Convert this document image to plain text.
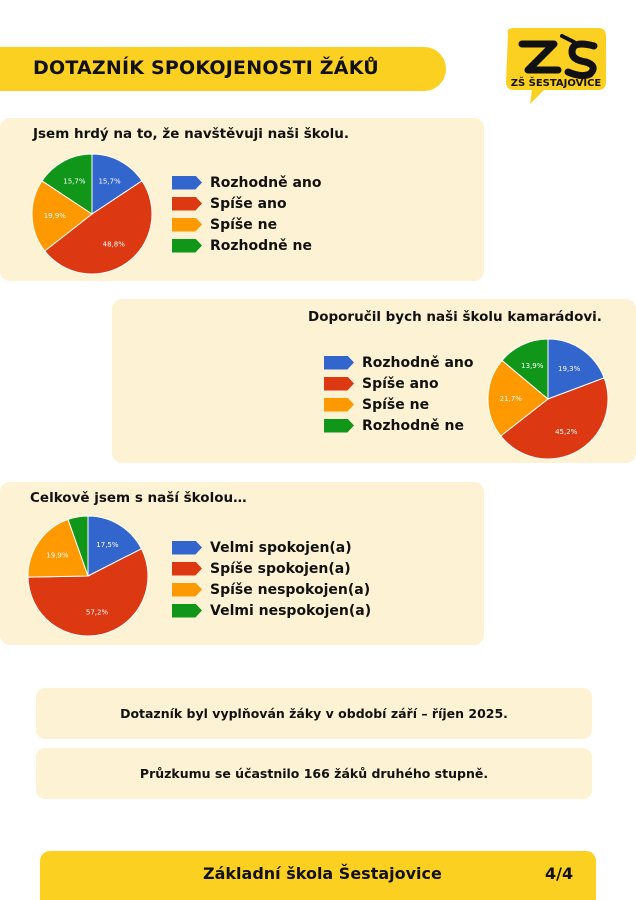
DOTAZNÍK SPOKOJENOSTI ŽÁKŮ
ZŠ ŠESTAJOVICE
Jsem hrdý na to, že navštěvuji naši školu.
15,7%
48,8%
19,9%
15,7%	Rozhodně ano
Spíše ano
Spíše ne
Rozhodně ne
Doporučil bych naši školu kamarádovi.
Rozhodně ano
Spíše ano
Spíše ne
Rozhodně ne
19,3%
45,2%
21,7%
13,9%
Celkově jsem s naší školou…
17,5%
57,2%
19,9%	Velmi spokojen(a)
Spíše spokojen(a)
Spíše nespokojen(a)
Velmi nespokojen(a)
Dotazník byl vyplňován žáky v období září – říjen 2025.
Průzkumu se účastnilo 166 žáků druhého stupně.
Základní škola Šestajovice	4/4
